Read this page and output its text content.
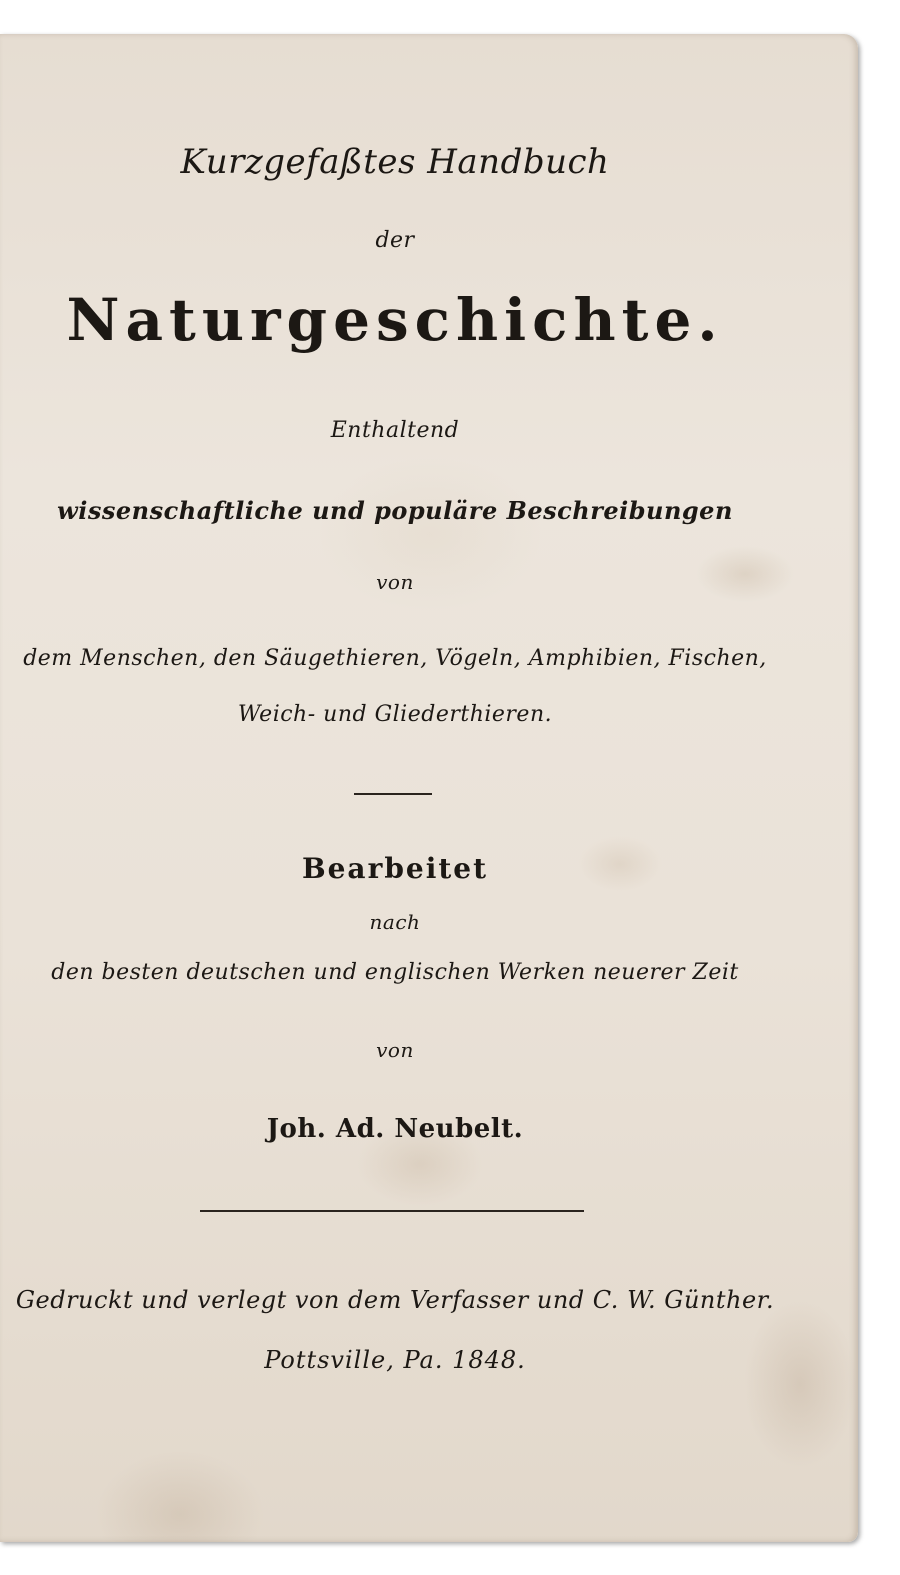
Kurzgefaßtes Handbuch
der
Naturgeschichte.
Enthaltend
wissenschaftliche und populäre Beschreibungen
von
dem Menschen, den Säugethieren, Vögeln, Amphibien, Fischen,
Weich- und Gliederthieren.
Bearbeitet
nach
den besten deutschen und englischen Werken neuerer Zeit
von
Joh. Ad. Neubelt.
Gedruckt und verlegt von dem Verfasser und C. W. Günther.
Pottsville, Pa. 1848.
